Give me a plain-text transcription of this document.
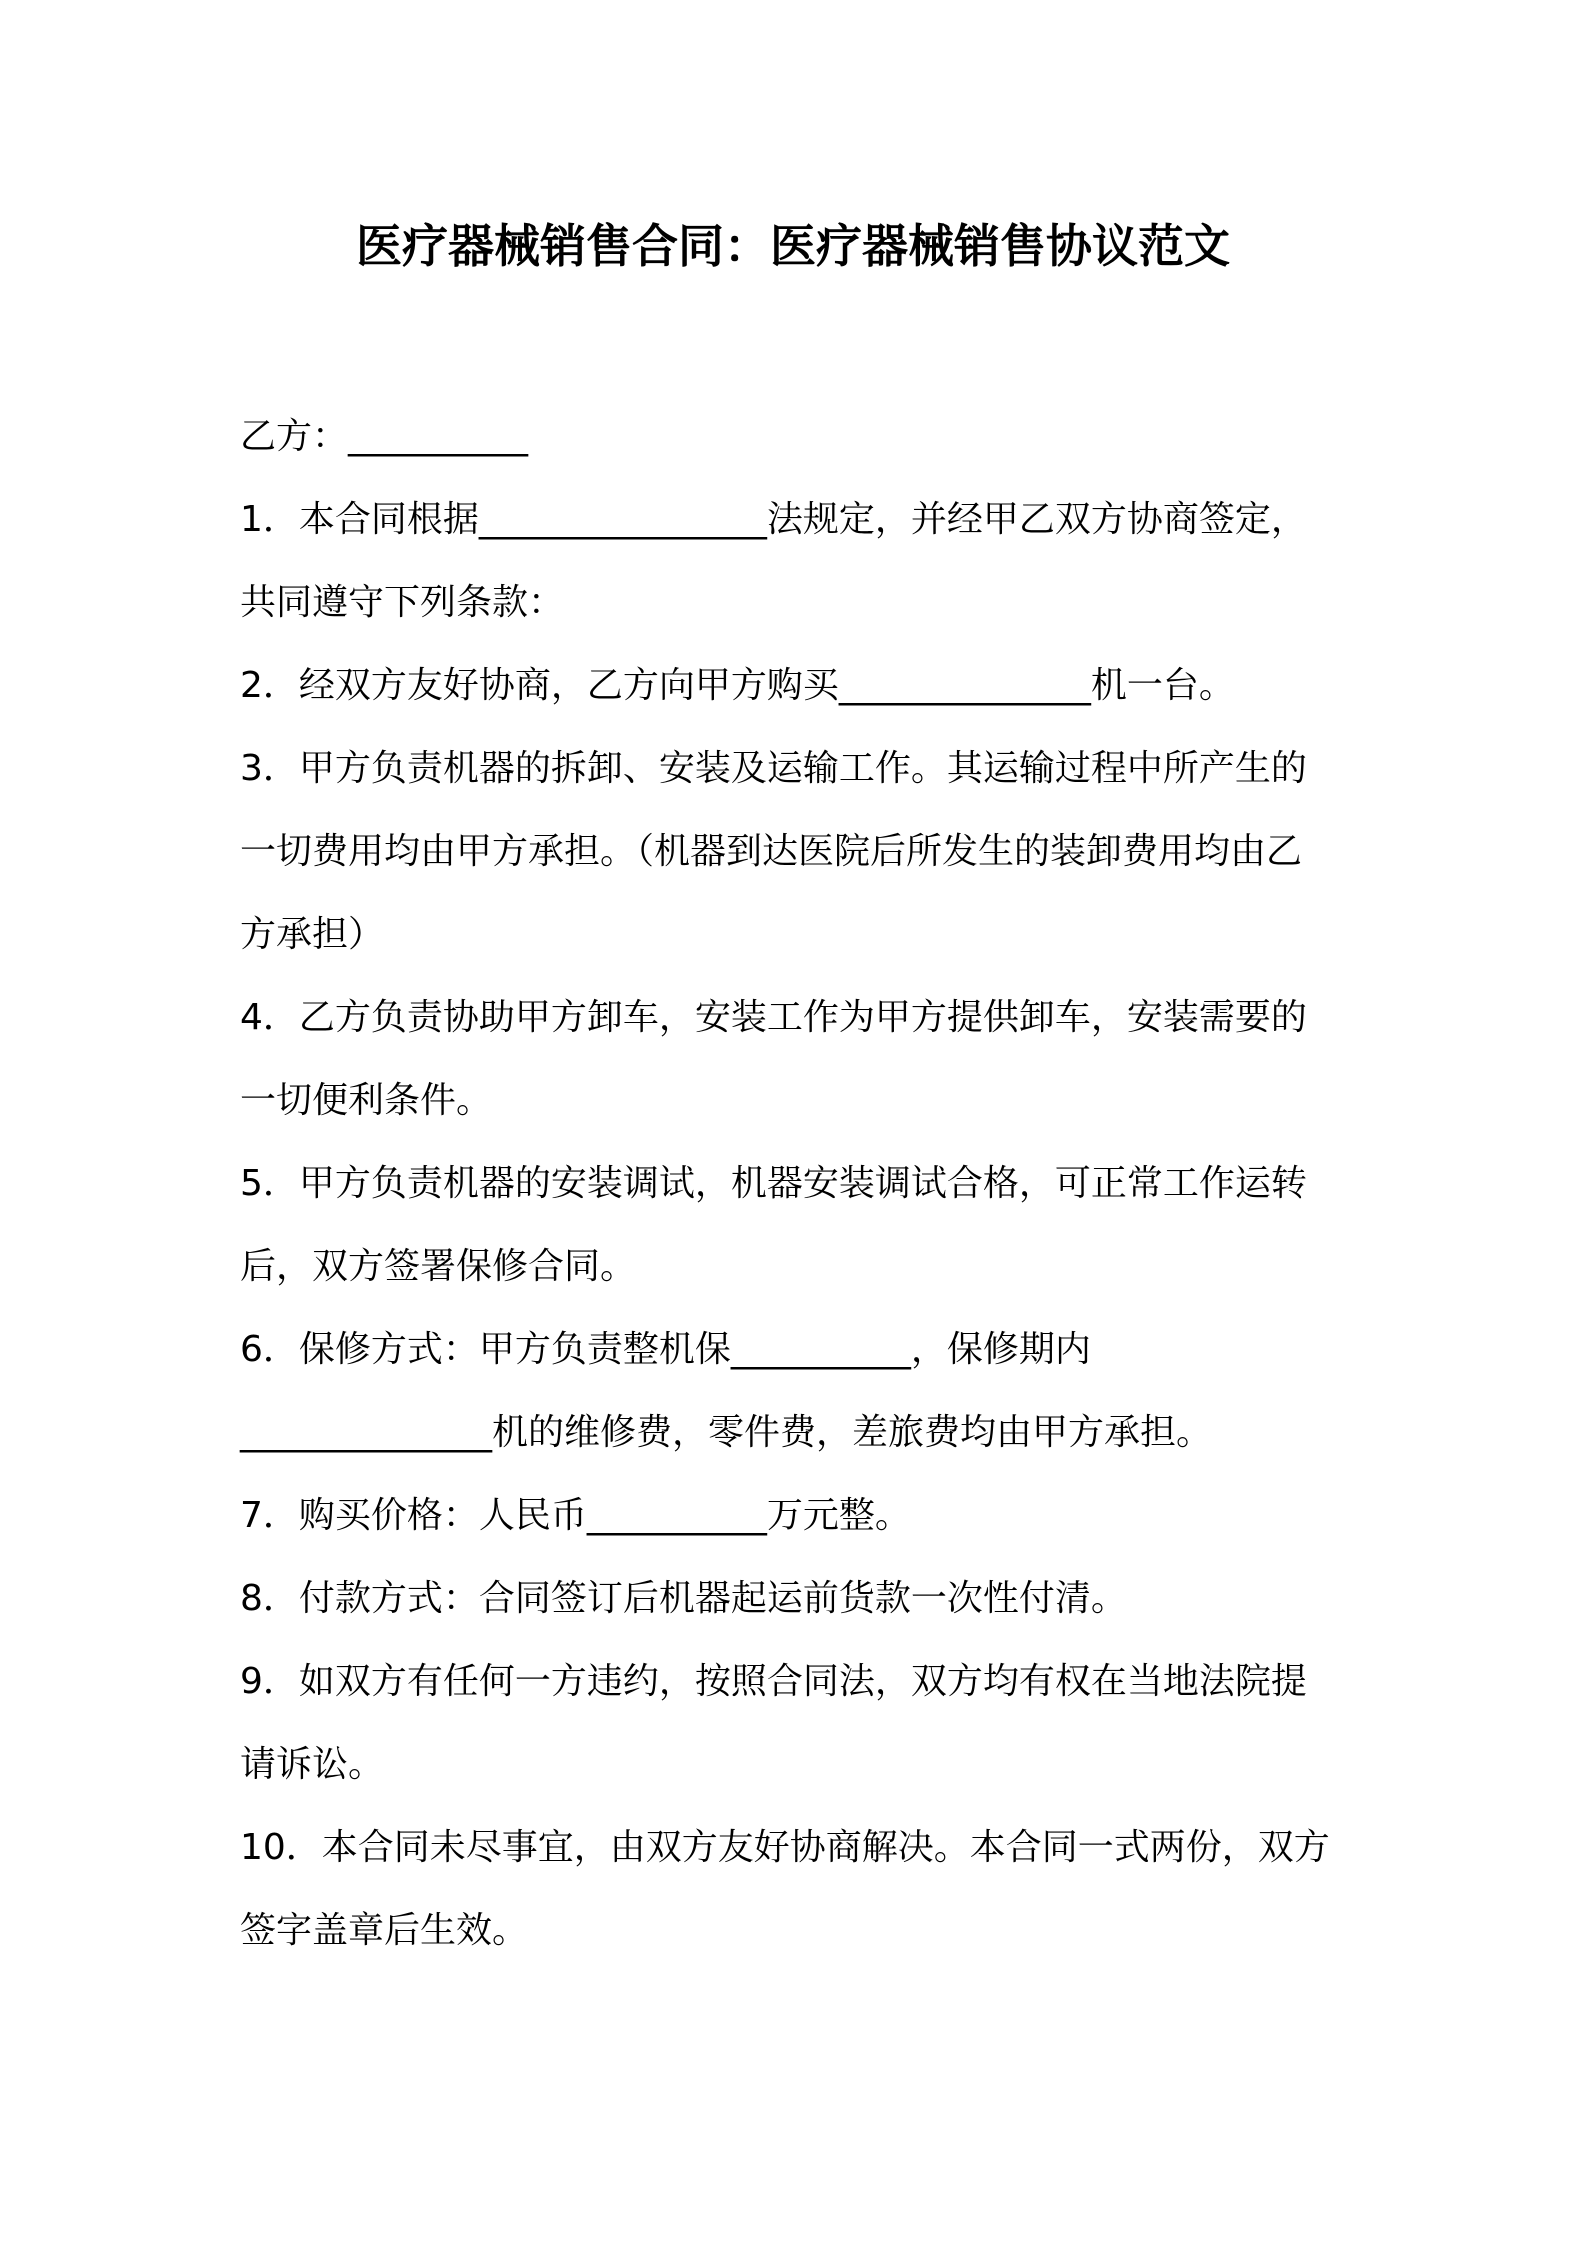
医疗器械销售合同：医疗器械销售协议范文
乙方：__________
1．本合同根据________________法规定，并经甲乙双方协商签定，
共同遵守下列条款：
2．经双方友好协商，乙方向甲方购买______________机一台。
3．甲方负责机器的拆卸、安装及运输工作。其运输过程中所产生的
一切费用均由甲方承担。（机器到达医院后所发生的装卸费用均由乙
方承担）
4．乙方负责协助甲方卸车，安装工作为甲方提供卸车，安装需要的
一切便利条件。
5．甲方负责机器的安装调试，机器安装调试合格，可正常工作运转
后，双方签署保修合同。
6．保修方式：甲方负责整机保__________，保修期内
______________机的维修费，零件费，差旅费均由甲方承担。
7．购买价格：人民币__________万元整。
8．付款方式：合同签订后机器起运前货款一次性付清。
9．如双方有任何一方违约，按照合同法，双方均有权在当地法院提
请诉讼。
10．本合同未尽事宜，由双方友好协商解决。本合同一式两份，双方
签字盖章后生效。
